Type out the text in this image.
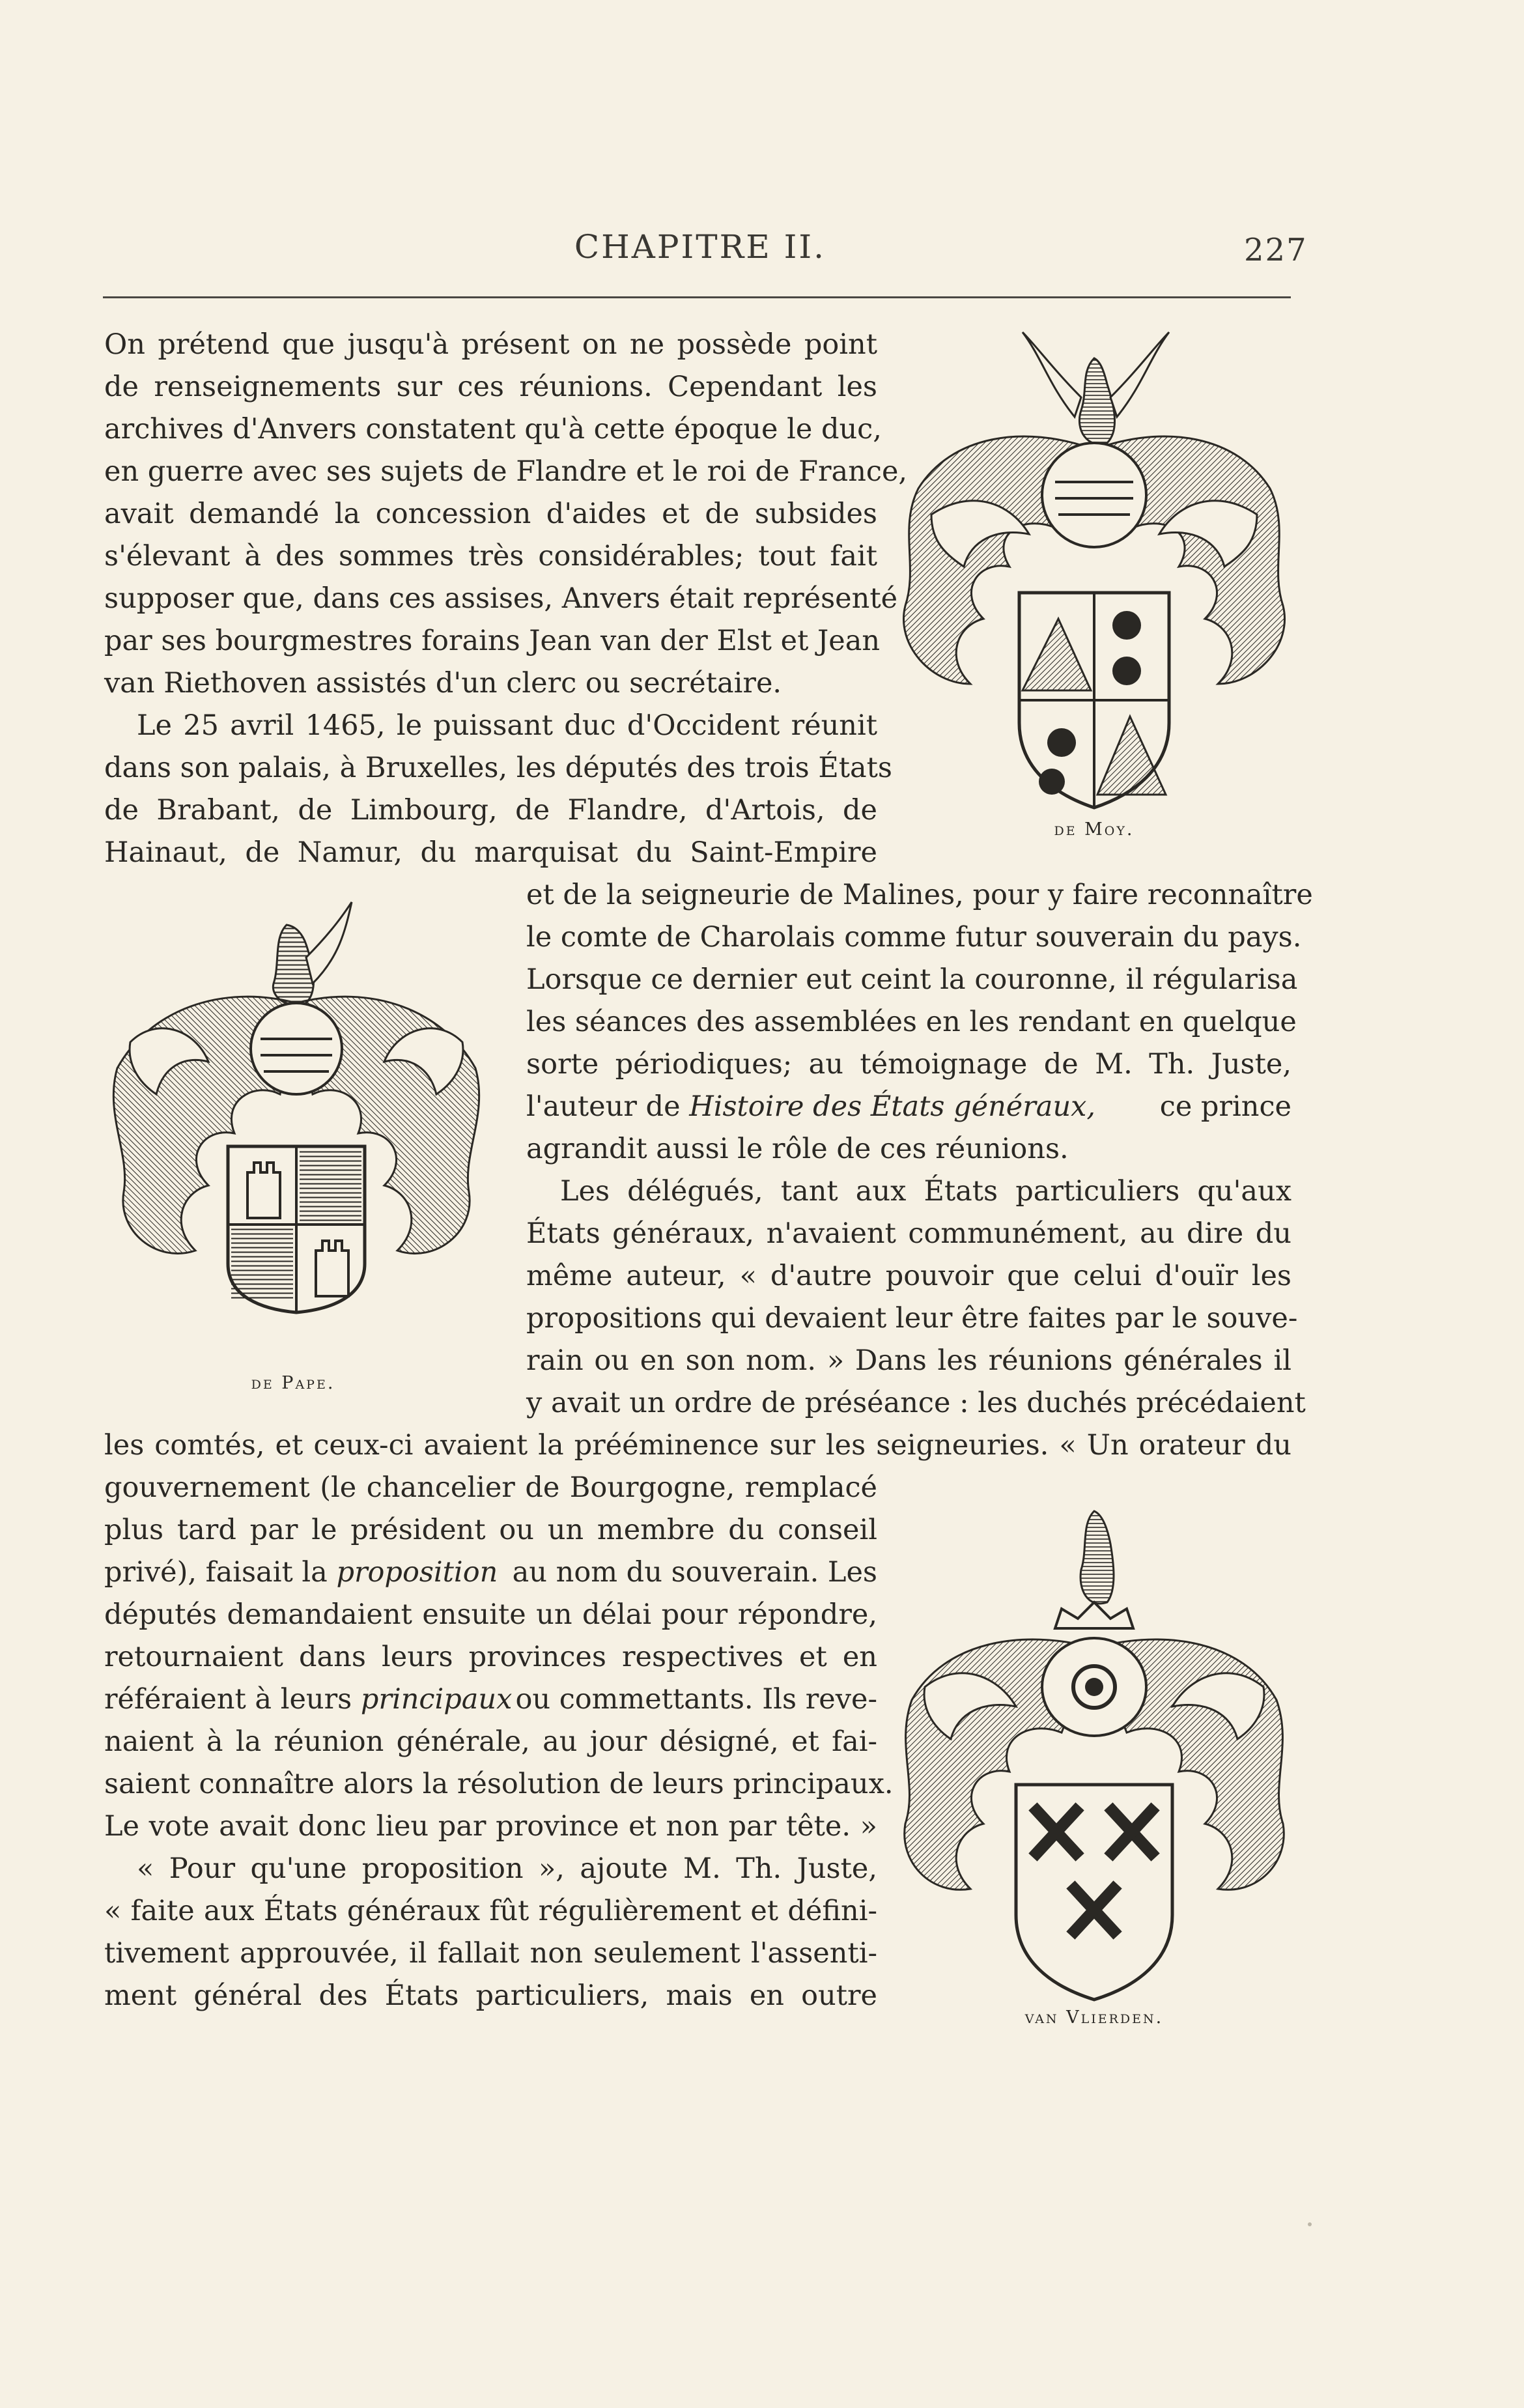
CHAPITRE II.	227
On prétend que jusqu'à présent on ne possède point
de renseignements sur ces réunions. Cependant les
archives d'Anvers constatent qu'à cette époque le duc,
en guerre avec ses sujets de Flandre et le roi de France,
avait demandé la concession d'aides et de subsides
s'élevant à des sommes très considérables; tout fait
supposer que, dans ces assises, Anvers était représenté
par ses bourgmestres forains Jean van der Elst et Jean
van Riethoven assistés d'un clerc ou secrétaire.
Le 25 avril 1465, le puissant duc d'Occident réunit
dans son palais, à Bruxelles, les députés des trois États
de Brabant, de Limbourg, de Flandre, d'Artois, de
Hainaut, de Namur, du marquisat du Saint-Empire
et de la seigneurie de Malines, pour y faire reconnaître
le comte de Charolais comme futur souverain du pays.
Lorsque ce dernier eut ceint la couronne, il régularisa
les séances des assemblées en les rendant en quelque
sorte périodiques; au témoignage de M. Th. Juste,
l'auteur de Histoire des États généraux, ce prince
agrandit aussi le rôle de ces réunions.
Les délégués, tant aux États particuliers qu'aux
États généraux, n'avaient communément, au dire du
même auteur, « d'autre pouvoir que celui d'ouïr les
propositions qui devaient leur être faites par le souve-
rain ou en son nom. » Dans les réunions générales il
y avait un ordre de préséance : les duchés précédaient
les comtés, et ceux-ci avaient la prééminence sur les seigneuries. « Un orateur du
gouvernement (le chancelier de Bourgogne, remplacé
plus tard par le président ou un membre du conseil
privé), faisait la proposition au nom du souverain. Les
députés demandaient ensuite un délai pour répondre,
retournaient dans leurs provinces respectives et en
référaient à leurs principaux ou commettants. Ils reve-
naient à la réunion générale, au jour désigné, et fai-
saient connaître alors la résolution de leurs principaux.
Le vote avait donc lieu par province et non par tête. »
« Pour qu'une proposition », ajoute M. Th. Juste,
« faite aux États généraux fût régulièrement et défini-
tivement approuvée, il fallait non seulement l'assenti-
ment général des États particuliers, mais en outre
de Moy.
de Pape.
van Vlierden.
